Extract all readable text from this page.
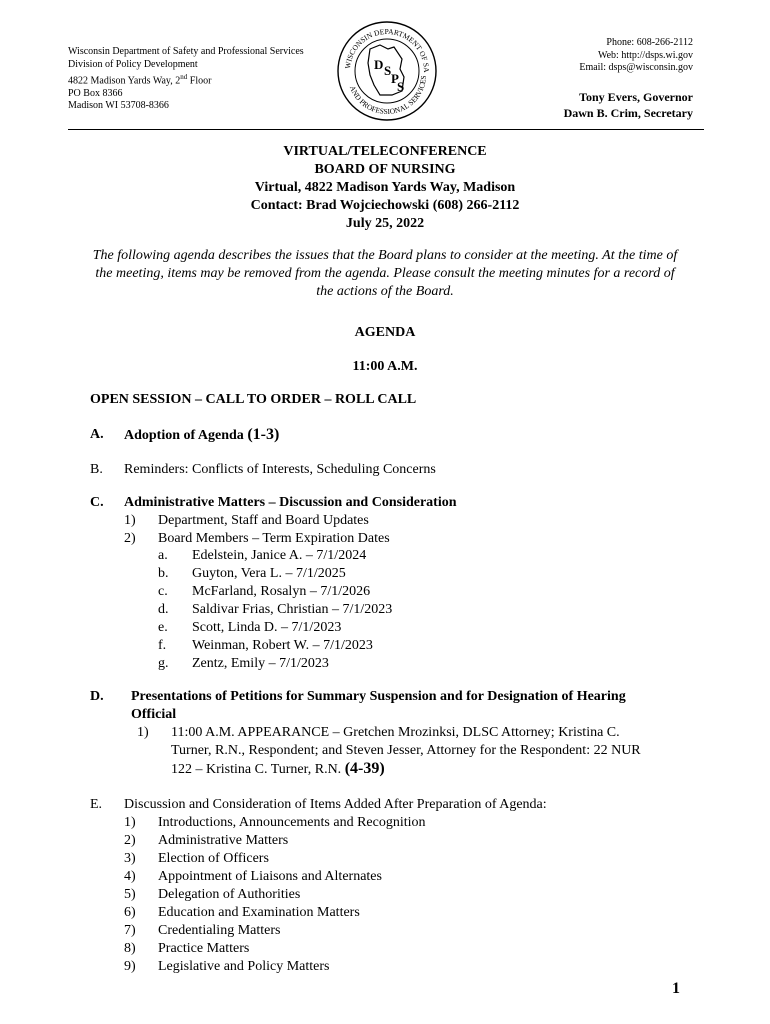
Wisconsin Department of Safety and Professional Services
Division of Policy Development
4822 Madison Yards Way, 2nd Floor
PO Box 8366
Madison WI 53708-8366
WISCONSIN DEPARTMENT OF SA
AND PROFESSIONAL SERVICES
D S
P
S
Phone: 608-266-2112
Web: http://dsps.wi.gov
Email: dsps@wisconsin.gov
Tony Evers, Governor
Dawn B. Crim, Secretary
VIRTUAL/TELECONFERENCE
BOARD OF NURSING
Virtual, 4822 Madison Yards Way, Madison
Contact: Brad Wojciechowski (608) 266-2112
July 25, 2022
The following agenda describes the issues that the Board plans to consider at the meeting. At the time of the meeting, items may be removed from the agenda. Please consult the meeting minutes for a record of the actions of the Board.
AGENDA
11:00 A.M.
OPEN SESSION – CALL TO ORDER – ROLL CALL
A. Adoption of Agenda (1-3)
B. Reminders: Conflicts of Interests, Scheduling Concerns
C. Administrative Matters – Discussion and Consideration
1) Department, Staff and Board Updates
2) Board Members – Term Expiration Dates
a. Edelstein, Janice A. – 7/1/2024
b. Guyton, Vera L. – 7/1/2025
c. McFarland, Rosalyn – 7/1/2026
d. Saldivar Frias, Christian – 7/1/2023
e. Scott, Linda D. – 7/1/2023
f. Weinman, Robert W. – 7/1/2023
g. Zentz, Emily – 7/1/2023
D. Presentations of Petitions for Summary Suspension and for Designation of Hearing
Official
1) 11:00 A.M. APPEARANCE – Gretchen Mrozinksi, DLSC Attorney; Kristina C.
Turner, R.N., Respondent; and Steven Jesser, Attorney for the Respondent: 22 NUR
122 – Kristina C. Turner, R.N. (4-39)
E. Discussion and Consideration of Items Added After Preparation of Agenda:
1) Introductions, Announcements and Recognition
2) Administrative Matters
3) Election of Officers
4) Appointment of Liaisons and Alternates
5) Delegation of Authorities
6) Education and Examination Matters
7) Credentialing Matters
8) Practice Matters
9) Legislative and Policy Matters
1
